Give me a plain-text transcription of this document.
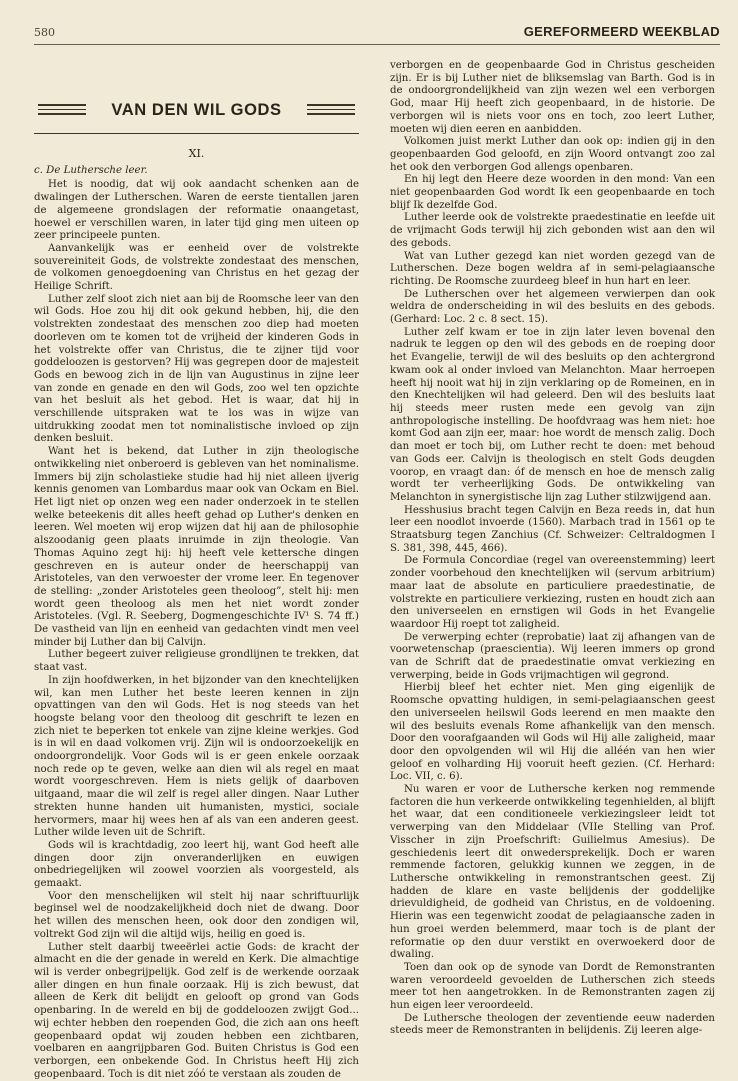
580	GEREFORMEERD WEEKBLAD
VAN DEN WIL GODS
XI.
c. De Luthersche leer.

Het is noodig, dat wij ook aandacht schenken aan de dwalingen der Lutherschen. Waren de eerste tientallen jaren de algemeene grondslagen der reformatie onaangetast, hoewel er verschillen waren, in later tijd ging men uiteen op zeer principeele punten.

Aanvankelijk was er eenheid over de volstrekte souvereiniteit Gods, de volstrekte zondestaat des menschen, de volkomen genoegdoening van Christus en het gezag der Heilige Schrift.

Luther zelf sloot zich niet aan bij de Roomsche leer van den wil Gods. Hoe zou hij dit ook gekund hebben, hij, die den volstrekten zondestaat des menschen zoo diep had moeten doorleven om te komen tot de vrijheid der kinderen Gods in het volstrekte offer van Christus, die te zijner tijd voor goddeloozen is gestorven? Hij was gegrepen door de majesteit Gods en bewoog zich in de lijn van Augustinus in zijne leer van zonde en genade en den wil Gods, zoo wel ten opzichte van het besluit als het gebod. Het is waar, dat hij in verschillende uitspraken wat te los was in wijze van uitdrukking zoodat men tot nominalistische invloed op zijn denken besluit.

Want het is bekend, dat Luther in zijn theologische ontwikkeling niet onberoerd is gebleven van het nominalisme. Immers bij zijn scholastieke studie had hij niet alleen ijverig kennis genomen van Lombardus maar ook van Ockam en Biel. Het ligt niet op onzen weg een nader onderzoek in te stellen welke beteekenis dit alles heeft gehad op Luther's denken en leeren. Wel moeten wij erop wijzen dat hij aan de philosophie alszoodanig geen plaats inruimde in zijn theologie. Van Thomas Aquino zegt hij: hij heeft vele kettersche dingen geschreven en is auteur onder de heerschappij van Aristoteles, van den verwoester der vrome leer. En tegenover de stelling: „zonder Aristoteles geen theoloog”, stelt hij: men wordt geen theoloog als men het niet wordt zonder Aristoteles. (Vgl. R. Seeberg, Dogmengeschichte IV¹ S. 74 ff.) De vastheid van lijn en eenheid van gedachten vindt men veel minder bij Luther dan bij Calvijn.

Luther begeert zuiver religieuse grondlijnen te trekken, dat staat vast.

In zijn hoofdwerken, in het bijzonder van den knechtelijken wil, kan men Luther het beste leeren kennen in zijn opvattingen van den wil Gods. Het is nog steeds van het hoogste belang voor den theoloog dit geschrift te lezen en zich niet te beperken tot enkele van zijne kleine werkjes. God is in wil en daad volkomen vrij. Zijn wil is ondoorzoekelijk en ondoorgrondelijk. Voor Gods wil is er geen enkele oorzaak noch rede op te geven, welke aan dien wil als regel en maat wordt voorgeschreven. Hem is niets gelijk of daarboven uitgaand, maar die wil zelf is regel aller dingen. Naar Luther strekten hunne handen uit humanisten, mystici, sociale hervormers, maar hij wees hen af als van een anderen geest. Luther wilde leven uit de Schrift.

Gods wil is krachtdadig, zoo leert hij, want God heeft alle dingen door zijn onveranderlijken en euwigen onbedriegelijken wil zoowel voorzien als voorgesteld, als gemaakt.

Voor den menschelijken wil stelt hij naar schriftuurlijk beginsel wel de noodzakelijkheid doch niet de dwang. Door het willen des menschen heen, ook door den zondigen wil, voltrekt God zijn wil die altijd wijs, heilig en goed is.

Luther stelt daarbij tweeërlei actie Gods: de kracht der almacht en die der genade in wereld en Kerk. Die almachtige wil is verder onbegrijpelijk. God zelf is de werkende oorzaak aller dingen en hun finale oorzaak. Hij is zich bewust, dat alleen de Kerk dit belijdt en gelooft op grond van Gods openbaring. In de wereld en bij de goddeloozen zwijgt God... wij echter hebben den roependen God, die zich aan ons heeft geopenbaard opdat wij zouden hebben een zichtbaren, voelbaren en aangrijpbaren God. Buiten Christus is God een verborgen, een onbekende God. In Christus heeft Hij zich geopenbaard. Toch is dit niet zóó te verstaan als zouden de

verborgen en de geopenbaarde God in Christus gescheiden zijn. Er is bij Luther niet de bliksemslag van Barth. God is in de ondoorgrondelijkheid van zijn wezen wel een verborgen God, maar Hij heeft zich geopenbaard, in de historie. De verborgen wil is niets voor ons en toch, zoo leert Luther, moeten wij dien eeren en aanbidden.

Volkomen juist merkt Luther dan ook op: indien gij in den geopenbaarden God geloofd, en zijn Woord ontvangt zoo zal het ook den verborgen God allengs openbaren.

En hij legt den Heere deze woorden in den mond: Van een niet geopenbaarden God wordt Ik een geopenbaarde en toch blijf Ik dezelfde God.

Luther leerde ook de volstrekte praedestinatie en leefde uit de vrijmacht Gods terwijl hij zich gebonden wist aan den wil des gebods.

Wat van Luther gezegd kan niet worden gezegd van de Lutherschen. Deze bogen weldra af in semi-pelagiaansche richting. De Roomsche zuurdeeg bleef in hun hart en leer.

De Lutherschen over het algemeen verwierpen dan ook weldra de onderscheiding in wil des besluits en des gebods. (Gerhard: Loc. 2 c. 8 sect. 15).

Luther zelf kwam er toe in zijn later leven bovenal den nadruk te leggen op den wil des gebods en de roeping door het Evangelie, terwijl de wil des besluits op den achtergrond kwam ook al onder invloed van Melanchton. Maar herroepen heeft hij nooit wat hij in zijn verklaring op de Romeinen, en in den Knechtelijken wil had geleerd. Den wil des besluits laat hij steeds meer rusten mede een gevolg van zijn anthropologische instelling. De hoofdvraag was hem niet: hoe komt God aan zijn eer, maar: hoe wordt de mensch zalig. Doch dan moet er toch bij, om Luther recht te doen: met behoud van Gods eer. Calvijn is theologisch en stelt Gods deugden voorop, en vraagt dan: óf de mensch en hoe de mensch zalig wordt ter verheerlijking Gods. De ontwikkeling van Melanchton in synergistische lijn zag Luther stilzwijgend aan.

Hesshusius bracht tegen Calvijn en Beza reeds in, dat hun leer een noodlot invoerde (1560). Marbach trad in 1561 op te Straatsburg tegen Zanchius (Cf. Schweizer: Celtraldogmen I S. 381, 398, 445, 466).

De Formula Concordiae (regel van overeenstemming) leert zonder voorbehoud den knechtelijken wil (servum arbitrium) maar laat de absolute en particuliere praedestinatie, de volstrekte en particuliere verkiezing, rusten en houdt zich aan den universeelen en ernstigen wil Gods in het Evangelie waardoor Hij roept tot zaligheid.

De verwerping echter (reprobatie) laat zij afhangen van de voorwetenschap (praescientia). Wij leeren immers op grond van de Schrift dat de praedestinatie omvat verkiezing en verwerping, beide in Gods vrijmachtigen wil gegrond.

Hierbij bleef het echter niet. Men ging eigenlijk de Roomsche opvatting huldigen, in semi-pelagiaanschen geest den universeelen heilswil Gods leerend en men maakte den wil des besluits evenals Rome afhankelijk van den mensch. Door den voorafgaanden wil Gods wil Hij alle zaligheid, maar door den opvolgenden wil wil Hij die alléén van hen wier geloof en volharding Hij vooruit heeft gezien. (Cf. Herhard: Loc. VII, c. 6).

Nu waren er voor de Luthersche kerken nog remmende factoren die hun verkeerde ontwikkeling tegenhielden, al blijft het waar, dat een conditioneele verkiezingsleer leidt tot verwerping van den Middelaar (VIIe Stelling van Prof. Visscher in zijn Proefschrift: Guilielmus Amesius). De geschiedenis leert dit onwedersprekelijk. Doch er waren remmende factoren, gelukkig kunnen we zeggen, in de Luthersche ontwikkeling in remonstrantschen geest. Zij hadden de klare en vaste belijdenis der goddelijke drievuldigheid, de godheid van Christus, en de voldoening. Hierin was een tegenwicht zoodat de pelagiaansche zaden in hun groei werden belemmerd, maar toch is de plant der reformatie op den duur verstikt en overwoekerd door de dwaling.

Toen dan ook op de synode van Dordt de Remonstranten waren veroordeeld gevoelden de Lutherschen zich steeds meer tot hen aangetrokken. In de Remonstranten zagen zij hun eigen leer veroordeeld.

De Luthersche theologen der zeventiende eeuw naderden steeds meer de Remonstranten in belijdenis. Zij leeren alge-
